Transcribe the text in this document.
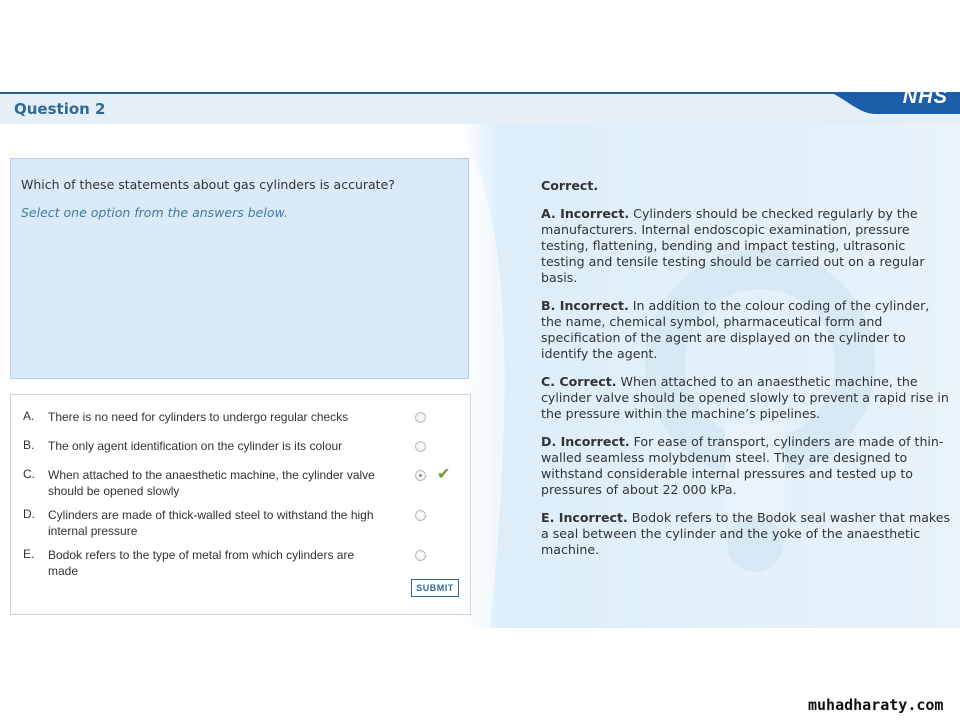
Question 2
NHS
Which of these statements about gas cylinders is accurate?
Select one option from the answers below.
A. There is no need for cylinders to undergo regular checks
B. The only agent identification on the cylinder is its colour
C. When attached to the anaesthetic machine, the cylinder valve should be opened slowly
✔
D. Cylinders are made of thick-walled steel to withstand the high internal pressure
E. Bodok refers to the type of metal from which cylinders are made
SUBMIT
Correct.
A. Incorrect. Cylinders should be checked regularly by the manufacturers. Internal endoscopic examination, pressure testing, flattening, bending and impact testing, ultrasonic testing and tensile testing should be carried out on a regular basis.
B. Incorrect. In addition to the colour coding of the cylinder, the name, chemical symbol, pharmaceutical form and specification of the agent are displayed on the cylinder to identify the agent.
C. Correct. When attached to an anaesthetic machine, the cylinder valve should be opened slowly to prevent a rapid rise in the pressure within the machine’s pipelines.
D. Incorrect. For ease of transport, cylinders are made of thin-walled seamless molybdenum steel. They are designed to withstand considerable internal pressures and tested up to pressures of about 22 000 kPa.
E. Incorrect. Bodok refers to the Bodok seal washer that makes a seal between the cylinder and the yoke of the anaesthetic machine.
muhadharaty.com
